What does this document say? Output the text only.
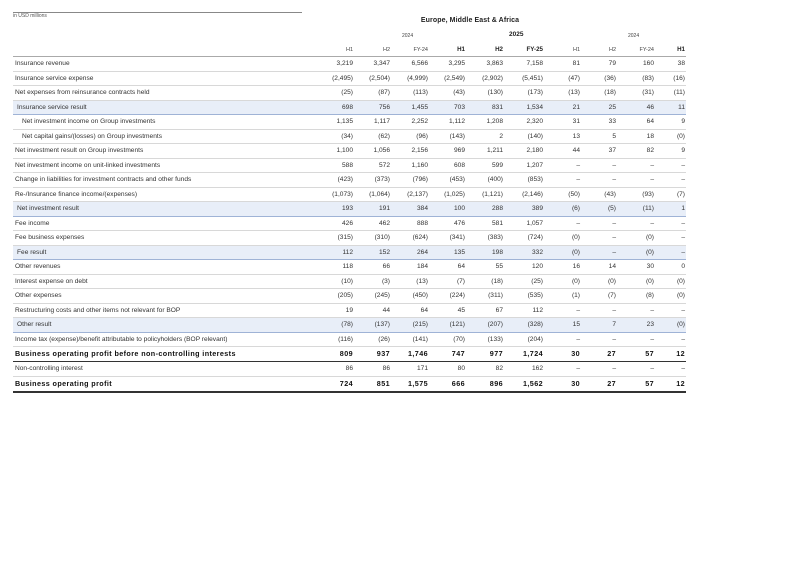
in USD millions
Europe, Middle East & Africa
2024	2025	2024
	H1	H2	FY-24	H1	H2	FY-25	H1	H2	FY-24	H1
Insurance revenue	3,219	3,347	6,566	3,295	3,863	7,158	81	79	160	38
Insurance service expense	(2,495)	(2,504)	(4,999)	(2,549)	(2,902)	(5,451)	(47)	(36)	(83)	(16)
Net expenses from reinsurance contracts held	(25)	(87)	(113)	(43)	(130)	(173)	(13)	(18)	(31)	(11)
Insurance service result	698	756	1,455	703	831	1,534	21	25	46	11
Net investment income on Group investments	1,135	1,117	2,252	1,112	1,208	2,320	31	33	64	9
Net capital gains/(losses) on Group investments	(34)	(62)	(96)	(143)	2	(140)	13	5	18	(0)
Net investment result on Group investments	1,100	1,056	2,156	969	1,211	2,180	44	37	82	9
Net investment income on unit-linked investments	588	572	1,160	608	599	1,207	–	–	–	–
Change in liabilities for investment contracts and other funds	(423)	(373)	(796)	(453)	(400)	(853)	–	–	–	–
Re-/Insurance finance income/(expenses)	(1,073)	(1,064)	(2,137)	(1,025)	(1,121)	(2,146)	(50)	(43)	(93)	(7)
Net investment result	193	191	384	100	288	389	(6)	(5)	(11)	1
Fee income	426	462	888	476	581	1,057	–	–	–	–
Fee business expenses	(315)	(310)	(624)	(341)	(383)	(724)	(0)	–	(0)	–
Fee result	112	152	264	135	198	332	(0)	–	(0)	–
Other revenues	118	66	184	64	55	120	16	14	30	0
Interest expense on debt	(10)	(3)	(13)	(7)	(18)	(25)	(0)	(0)	(0)	(0)
Other expenses	(205)	(245)	(450)	(224)	(311)	(535)	(1)	(7)	(8)	(0)
Restructuring costs and other items not relevant for BOP	19	44	64	45	67	112	–	–	–	–
Other result	(78)	(137)	(215)	(121)	(207)	(328)	15	7	23	(0)
Income tax (expense)/benefit attributable to policyholders (BOP relevant)	(116)	(26)	(141)	(70)	(133)	(204)	–	–	–	–
Business operating profit before non-controlling interests	809	937	1,746	747	977	1,724	30	27	57	12
Non-controlling interest	86	86	171	80	82	162	–	–	–	–
Business operating profit	724	851	1,575	666	896	1,562	30	27	57	12
